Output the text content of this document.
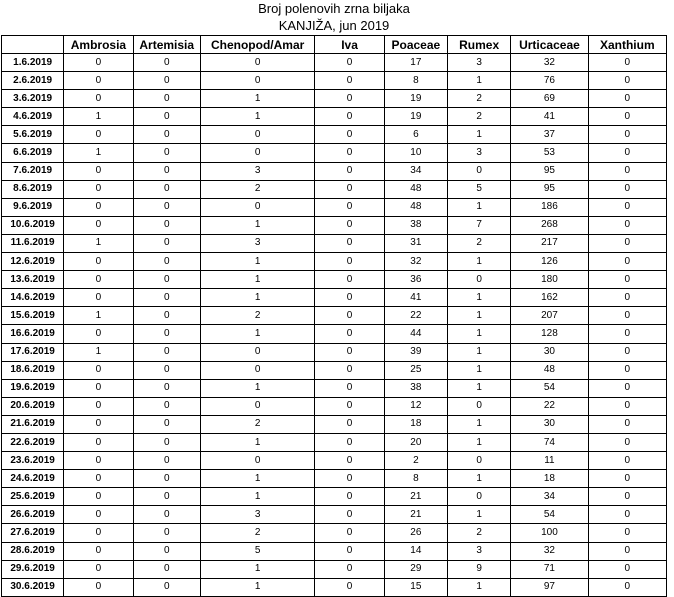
Broj polenovih zrna biljaka
KANJIŽA, jun 2019
	Ambrosia	Artemisia	Chenopod/Amar	Iva	Poaceae	Rumex	Urticaceae	Xanthium
1.6.2019	0	0	0	0	17	3	32	0
2.6.2019	0	0	0	0	8	1	76	0
3.6.2019	0	0	1	0	19	2	69	0
4.6.2019	1	0	1	0	19	2	41	0
5.6.2019	0	0	0	0	6	1	37	0
6.6.2019	1	0	0	0	10	3	53	0
7.6.2019	0	0	3	0	34	0	95	0
8.6.2019	0	0	2	0	48	5	95	0
9.6.2019	0	0	0	0	48	1	186	0
10.6.2019	0	0	1	0	38	7	268	0
11.6.2019	1	0	3	0	31	2	217	0
12.6.2019	0	0	1	0	32	1	126	0
13.6.2019	0	0	1	0	36	0	180	0
14.6.2019	0	0	1	0	41	1	162	0
15.6.2019	1	0	2	0	22	1	207	0
16.6.2019	0	0	1	0	44	1	128	0
17.6.2019	1	0	0	0	39	1	30	0
18.6.2019	0	0	0	0	25	1	48	0
19.6.2019	0	0	1	0	38	1	54	0
20.6.2019	0	0	0	0	12	0	22	0
21.6.2019	0	0	2	0	18	1	30	0
22.6.2019	0	0	1	0	20	1	74	0
23.6.2019	0	0	0	0	2	0	11	0
24.6.2019	0	0	1	0	8	1	18	0
25.6.2019	0	0	1	0	21	0	34	0
26.6.2019	0	0	3	0	21	1	54	0
27.6.2019	0	0	2	0	26	2	100	0
28.6.2019	0	0	5	0	14	3	32	0
29.6.2019	0	0	1	0	29	9	71	0
30.6.2019	0	0	1	0	15	1	97	0
